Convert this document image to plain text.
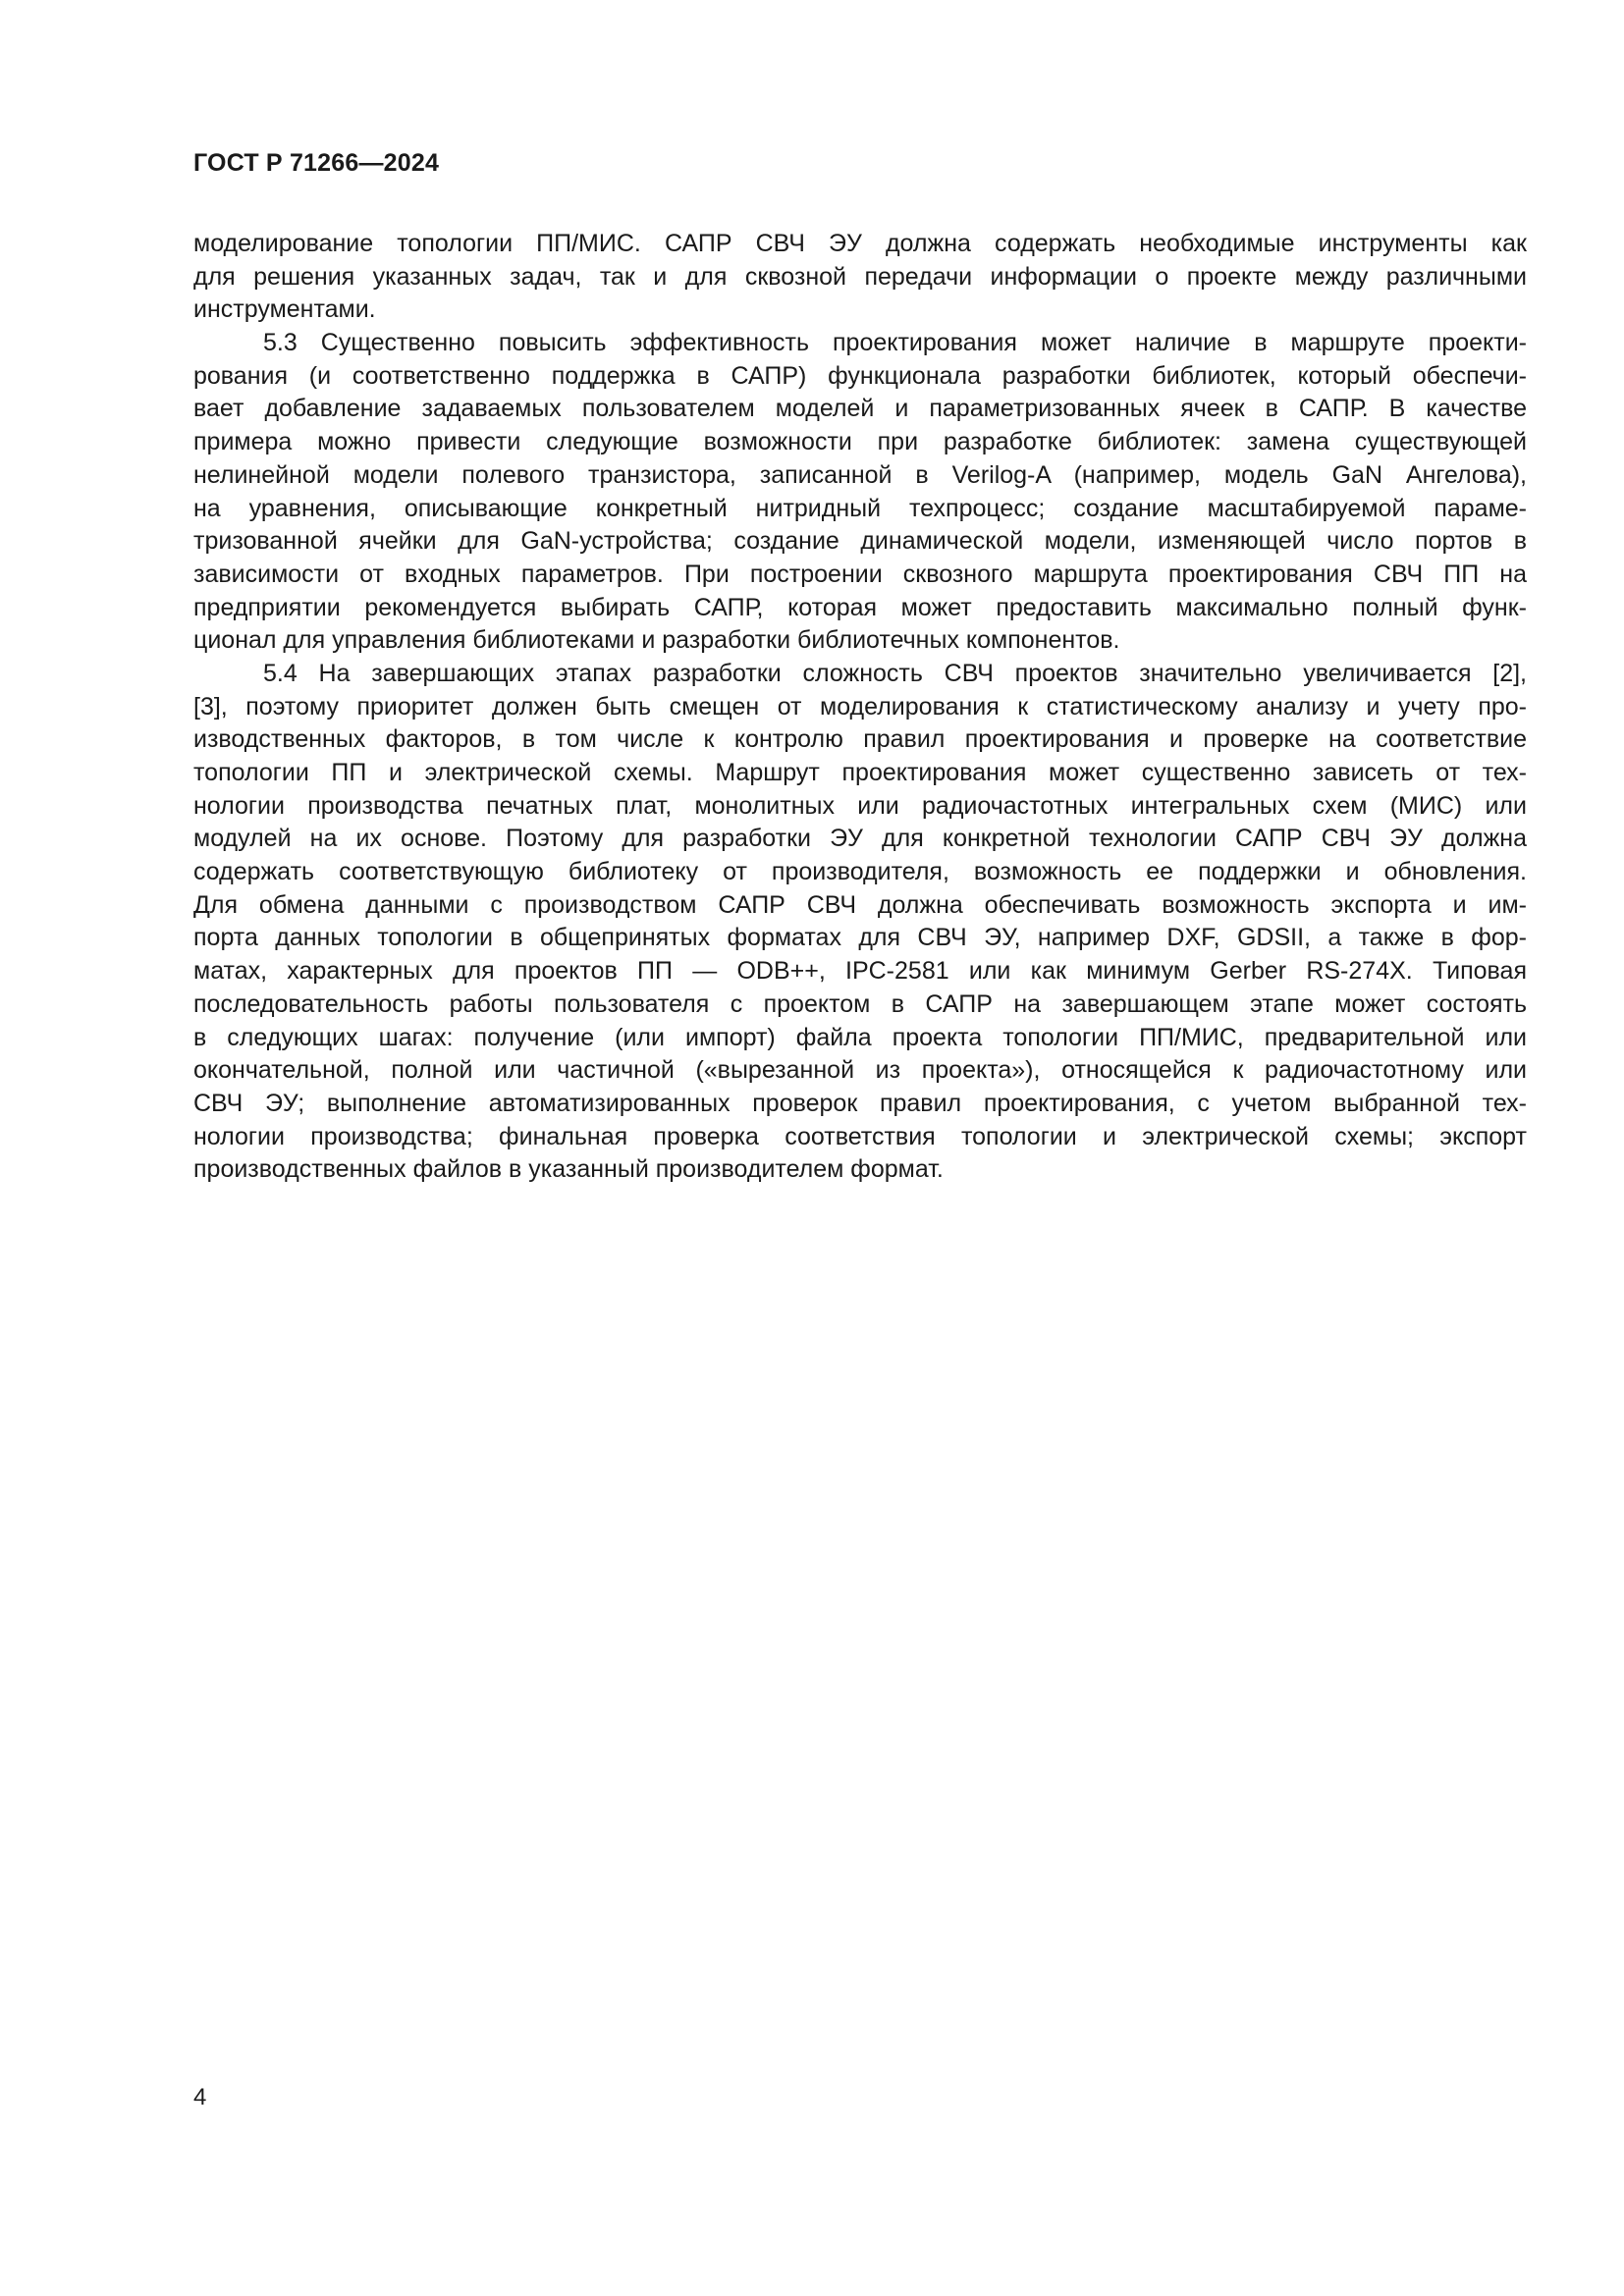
ГОСТ Р 71266—2024
моделирование топологии ПП/МИС. САПР СВЧ ЭУ должна содержать необходимые инструменты как
для решения указанных задач, так и для сквозной передачи информации о проекте между различными
инструментами.
5.3 Существенно повысить эффективность проектирования может наличие в маршруте проекти-
рования (и соответственно поддержка в САПР) функционала разработки библиотек, который обеспечи-
вает добавление задаваемых пользователем моделей и параметризованных ячеек в САПР. В качестве
примера можно привести следующие возможности при разработке библиотек: замена существующей
нелинейной модели полевого транзистора, записанной в Verilog-A (например, модель GaN Ангелова),
на уравнения, описывающие конкретный нитридный техпроцесс; создание масштабируемой параме-
тризованной ячейки для GaN-устройства; создание динамической модели, изменяющей число портов в
зависимости от входных параметров. При построении сквозного маршрута проектирования СВЧ ПП на
предприятии рекомендуется выбирать САПР, которая может предоставить максимально полный функ-
ционал для управления библиотеками и разработки библиотечных компонентов.
5.4 На завершающих этапах разработки сложность СВЧ проектов значительно увеличивается [2],
[3], поэтому приоритет должен быть смещен от моделирования к статистическому анализу и учету про-
изводственных факторов, в том числе к контролю правил проектирования и проверке на соответствие
топологии ПП и электрической схемы. Маршрут проектирования может существенно зависеть от тех-
нологии производства печатных плат, монолитных или радиочастотных интегральных схем (МИС) или
модулей на их основе. Поэтому для разработки ЭУ для конкретной технологии САПР СВЧ ЭУ должна
содержать соответствующую библиотеку от производителя, возможность ее поддержки и обновления.
Для обмена данными с производством САПР СВЧ должна обеспечивать возможность экспорта и им-
порта данных топологии в общепринятых форматах для СВЧ ЭУ, например DXF, GDSII, а также в фор-
матах, характерных для проектов ПП — ODB++, IPC-2581 или как минимум Gerber RS-274X. Типовая
последовательность работы пользователя с проектом в САПР на завершающем этапе может состоять
в следующих шагах: получение (или импорт) файла проекта топологии ПП/МИС, предварительной или
окончательной, полной или частичной («вырезанной из проекта»), относящейся к радиочастотному или
СВЧ ЭУ; выполнение автоматизированных проверок правил проектирования, с учетом выбранной тех-
нологии производства; финальная проверка соответствия топологии и электрической схемы; экспорт
производственных файлов в указанный производителем формат.
4
